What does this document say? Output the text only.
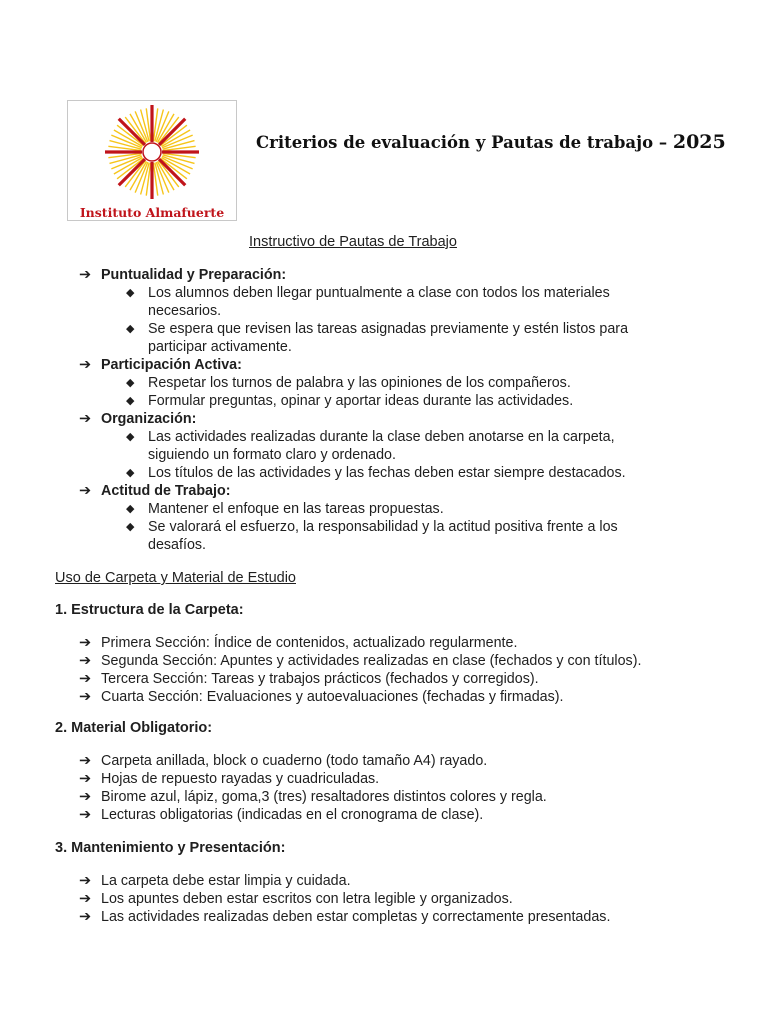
Instituto Almafuerte
Criterios de evaluación y Pautas de trabajo – 2025
Instructivo de Pautas de Trabajo
➔ Puntualidad y Preparación:
◆ Los alumnos deben llegar puntualmente a clase con todos los materiales
necesarios.
◆ Se espera que revisen las tareas asignadas previamente y estén listos para
participar activamente.
➔ Participación Activa:
◆ Respetar los turnos de palabra y las opiniones de los compañeros.
◆ Formular preguntas, opinar y aportar ideas durante las actividades.
➔ Organización:
◆ Las actividades realizadas durante la clase deben anotarse en la carpeta,
siguiendo un formato claro y ordenado.
◆ Los títulos de las actividades y las fechas deben estar siempre destacados.
➔ Actitud de Trabajo:
◆ Mantener el enfoque en las tareas propuestas.
◆ Se valorará el esfuerzo, la responsabilidad y la actitud positiva frente a los
desafíos.
Uso de Carpeta y Material de Estudio
1. Estructura de la Carpeta:
➔ Primera Sección: Índice de contenidos, actualizado regularmente.
➔ Segunda Sección: Apuntes y actividades realizadas en clase (fechados y con títulos).
➔ Tercera Sección: Tareas y trabajos prácticos (fechados y corregidos).
➔ Cuarta Sección: Evaluaciones y autoevaluaciones (fechadas y firmadas).
2. Material Obligatorio:
➔ Carpeta anillada, block o cuaderno (todo tamaño A4) rayado.
➔ Hojas de repuesto rayadas y cuadriculadas.
➔ Birome azul, lápiz, goma,3 (tres) resaltadores distintos colores y regla.
➔ Lecturas obligatorias (indicadas en el cronograma de clase).
3. Mantenimiento y Presentación:
➔ La carpeta debe estar limpia y cuidada.
➔ Los apuntes deben estar escritos con letra legible y organizados.
➔ Las actividades realizadas deben estar completas y correctamente presentadas.
